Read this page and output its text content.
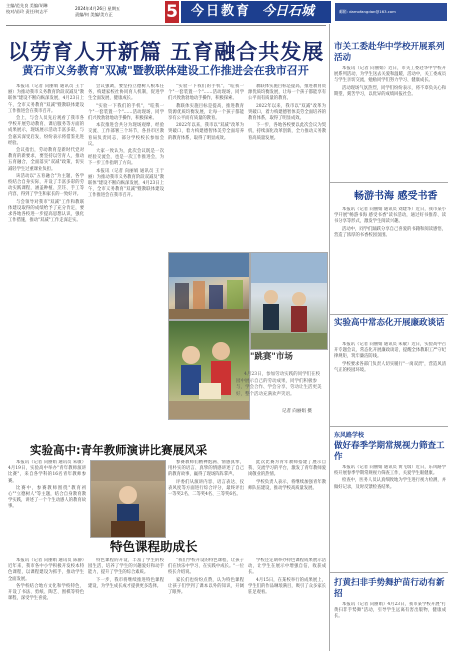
主编/范先良 美编/胡琳
校对/苗玲 责任/何志平
2024年4月26日 星期五
责编/何 美编/美方正	5	今日教育 今日石城	邮箱: damofangdan@163.com
以劳育人开新篇 五育融合共发展
黄石市义务教育"双减"暨教联体建设工作推进会在我市召开

本报讯（记者 向丽娟 通讯员 王于丽）为推动我市义务教育阶段双减及"教联体"建设不断向纵深发展，4月23日上午，全市义务教育"双减"暨教联体建设工作推进会在我市召开。

会上，与会人员先后观看了我市各学校开展劳动教育、课后服务等方面的成果展示，现场展示活动丰富多彩，与会嘉宾深受启发，纷纷表示将借鉴先进经验。

会议指出，劳动教育是新时代党对教育的新要求，要坚持以劳育人，推动五育融合，全面落实"双减"政策，切实减轻学生过重课业负担。

该活动以"五育融合"为主题，各学校结合自身实际，开设了丰富多彩的劳动实践课程，涵盖种植、烹饪、手工等内容，得到了学生和家长的一致好评。

与会领导对我市"双减"工作和教联体建设取得的成绩给予了充分肯定，要求各地各校进一步提高思想认识，强化工作措施，推动"双减"工作走深走实。

会议强调，要坚持立德树人根本任务，构建家校社协同育人机制，促进学生全面发展、健康成长。

"实验一下我们的手机"，"哇我一个"一套装置一个"……活动现场，同学们兴致勃勃地动手操作，积极探索。

本次推进会共分为现场观摩、经验交流、工作部署三个环节，各县市区教育局负责同志、部分学校校长参加会议。

大家一致认为，此次会议既是一次经验交流会，也是一次工作推进会，为下一步工作指明了方向。

本报讯（记者 向丽娟 通讯员 王于丽）为推动我市义务教育阶段双减及"教联体"建设不断向纵深发展，4月23日上午，全市义务教育"双减"暨教联体建设工作推进会在我市召开。

"实验一下我们的手机"，"哇我一个"一套装置一个"……活动现场，同学们兴致勃勃地动手操作，积极探索。

教联体实施目标是提高，推进教育资源优质均衡发展，让每一个孩子都能享有公平而有质量的教育。

2022年以来，我市以"双减"改革为突破口，着力构建德智体美劳全面培养的教育体系，取得了明显成效。

教联体实施目标是提高，推进教育资源优质均衡发展，让每一个孩子都能享有公平而有质量的教育。

2022年以来，我市以"双减"改革为突破口，着力构建德智体美劳全面培养的教育体系，取得了明显成效。

下一步，各地各校要以此次会议为契机，持续深化改革创新，全力推动义务教育高质量发展。

"跳赛"市场
4月23日，参加劳动实践的同学们在校园中展示自己的劳动成果，同学们积极参与，学会合作、学会分享，劳动让生活更美好，整个活动充满欢声笑语。
记者 向丽娟 摄
实验高中:青年教师演讲比赛展风采

本报讯（记者 向丽娟 通讯员 朱敏）4月19日，实验高中举办"青年教师演讲比赛"，来自各学科的16名青年教师参赛。

比赛中，参赛教师围绕"教育初心""立德树人"等主题，结合自身教育教学实践，讲述了一个个生动感人的教育故事。

参赛教师们精神饱满、情感真挚，用朴实的语言、真挚的情感讲述了自己的教育故事，赢得了现场阵阵掌声。

评委们从演讲内容、语言表达、仪表风度等方面进行综合评分，最终评出一等奖2名、二等奖4名、三等奖6名。

此次比赛为青年教师搭建了展示自我、交流学习的平台，激发了青年教师爱岗敬业的热情。

学校负责人表示，将继续加强青年教师队伍建设，推动学校高质量发展。

特色课程助成长

本报讯（记者 向丽娟 通讯员 陈静）近年来，我市各中小学积极开发校本特色课程，以课程建设为抓手，推动学生全面发展。

各学校结合地方文化和学校特色，开设了书法、剪纸、陶艺、围棋等特色课程，深受学生喜爱。

特色课程的开设，丰富了学生的校园生活，培养了学生的兴趣爱好和动手能力，提升了学生的综合素质。

下一步，我市将继续推进特色课程建设，为学生成长成才提供更多选择。

"我们学校开设的特色课程，让孩子们在快乐中学习、在实践中成长。"一位校长介绍说。

家长们也纷纷点赞，认为特色课程让孩子们学到了课本以外的知识，开阔了眼界。

学校还定期举办特色课程成果展示活动，让学生在展示中增强自信，收获成长。

4月15日，在某校举行的成果展上，学生们的作品琳琅满目，吸引了众多家长驻足观看。

市关工委赴华中学校开展系列活动

本报讯（记者 向丽娟）近日，市关工委赴华中学校开展系列活动，为学生送去关爱和温暖，活动中，关工委成员与学生亲切交流，勉励同学们努力学习、健康成长。

活动现场气氛热烈，同学们纷纷表示，将不辜负关心和期望，刻苦学习，以优异的成绩回报社会。

畅游书海 感受书香

本报讯（记者 向丽娟 通讯员 刘建华）近日，我市某小学开展"畅游书海 感受书香"读书活动，通过好书推荐、读书分享等形式，激发学生阅读兴趣。

活动中，同学们踊跃分享自己喜爱的书籍和阅读感悟，营造了浓厚的书香校园氛围。

实验高中常态化开展廉政谈话

本报讯（记者 向丽娟 通讯员 朱敏）近日，实验高中召开专题会议，常态化开展廉政谈话，提醒全体教职工严守纪律规矩，筑牢廉洁防线。

学校要求各部门负责人切实履行"一岗双责"，营造风清气正的校园环境。

东风路学校
做好春季学期常规视力筛查工作

本报讯（记者 向丽娟 通讯员 黄飞瑞）近日，东风路学校开展春季学期常规视力筛查工作，关爱学生眼健康。

检查中，医务人员认真细致地为学生进行视力检测，并做好记录，及时反馈检查结果。

打黄扫非手势舞护苗行动有新招

本报讯（记者 向丽娟）4月23日，我市某学校开展"打黄扫非手势舞"活动，引导学生远离有害出版物，健康成长。
